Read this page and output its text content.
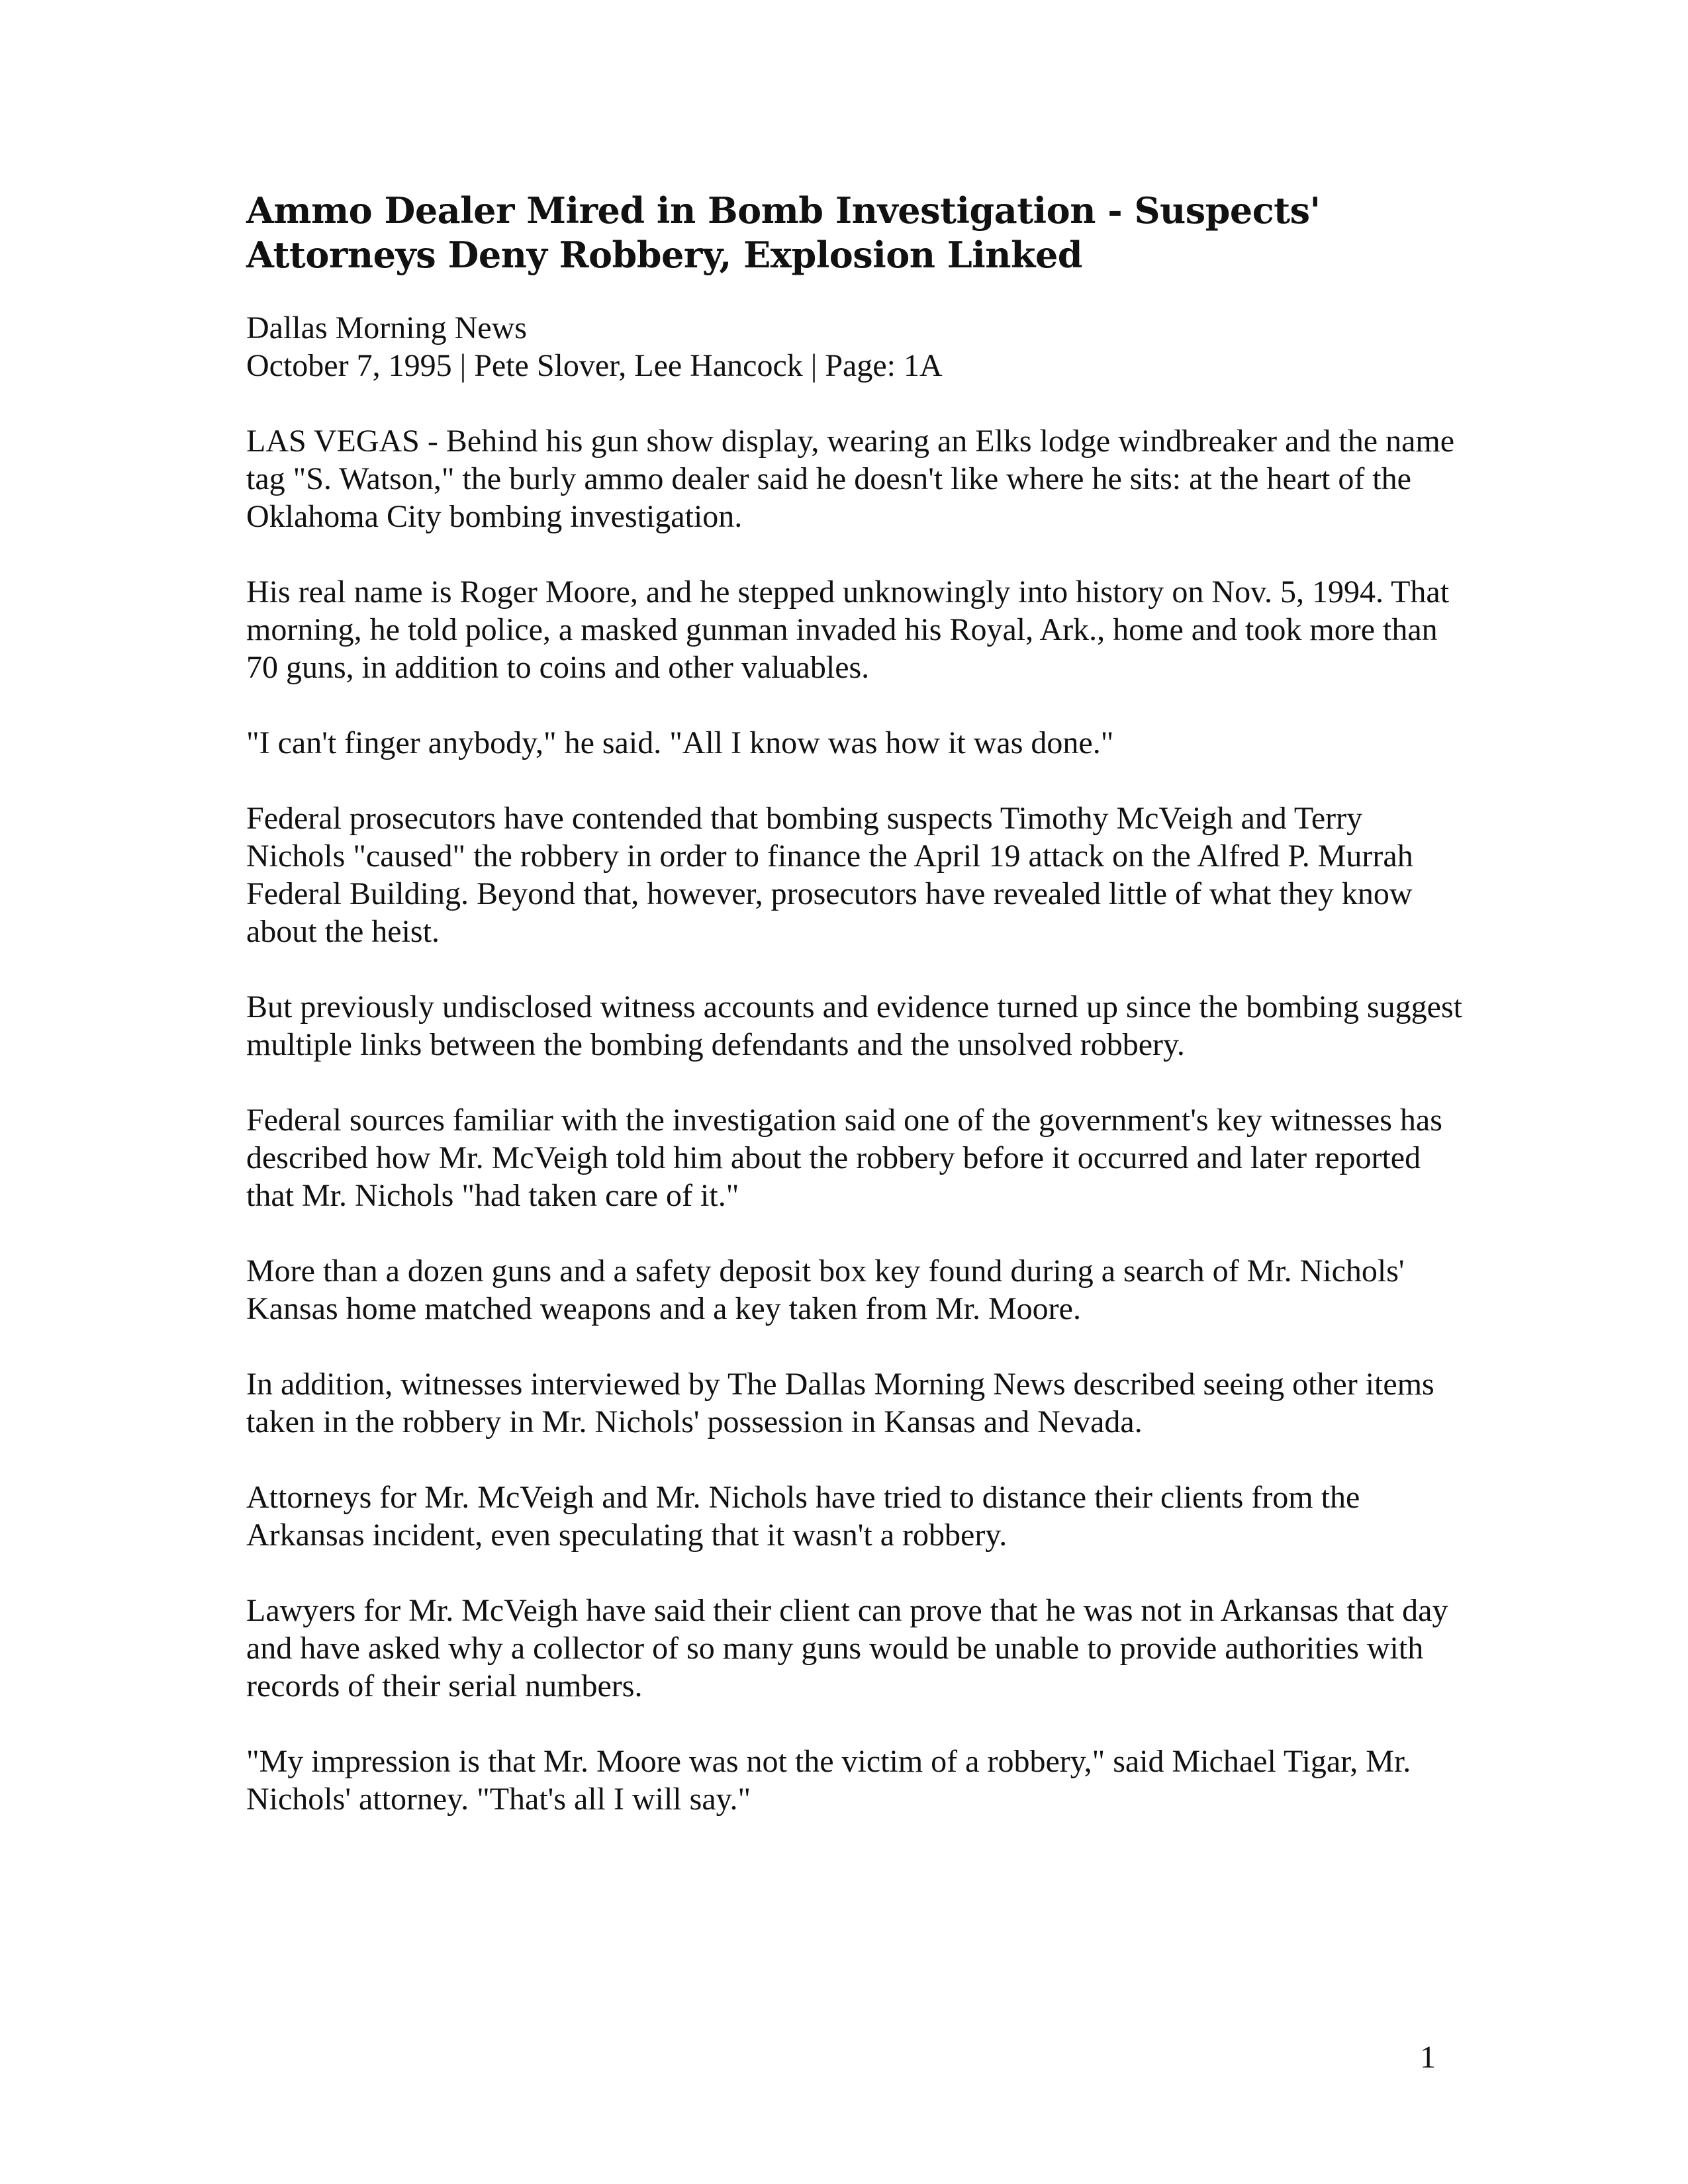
Ammo Dealer Mired in Bomb Investigation - Suspects'
Attorneys Deny Robbery, Explosion Linked
Dallas Morning News
October 7, 1995 | Pete Slover, Lee Hancock | Page: 1A

LAS VEGAS - Behind his gun show display, wearing an Elks lodge windbreaker and the name tag "S. Watson," the burly ammo dealer said he doesn't like where he sits: at the heart of the Oklahoma City bombing investigation.

His real name is Roger Moore, and he stepped unknowingly into history on Nov. 5, 1994. That morning, he told police, a masked gunman invaded his Royal, Ark., home and took more than 70 guns, in addition to coins and other valuables.

"I can't finger anybody," he said. "All I know was how it was done."

Federal prosecutors have contended that bombing suspects Timothy McVeigh and Terry Nichols "caused" the robbery in order to finance the April 19 attack on the Alfred P. Murrah Federal Building. Beyond that, however, prosecutors have revealed little of what they know about the heist.

But previously undisclosed witness accounts and evidence turned up since the bombing suggest multiple links between the bombing defendants and the unsolved robbery.

Federal sources familiar with the investigation said one of the government's key witnesses has described how Mr. McVeigh told him about the robbery before it occurred and later reported that Mr. Nichols "had taken care of it."

More than a dozen guns and a safety deposit box key found during a search of Mr. Nichols' Kansas home matched weapons and a key taken from Mr. Moore.

In addition, witnesses interviewed by The Dallas Morning News described seeing other items taken in the robbery in Mr. Nichols' possession in Kansas and Nevada.

Attorneys for Mr. McVeigh and Mr. Nichols have tried to distance their clients from the Arkansas incident, even speculating that it wasn't a robbery.

Lawyers for Mr. McVeigh have said their client can prove that he was not in Arkansas that day and have asked why a collector of so many guns would be unable to provide authorities with records of their serial numbers.

"My impression is that Mr. Moore was not the victim of a robbery," said Michael Tigar, Mr. Nichols' attorney. "That's all I will say."

1
